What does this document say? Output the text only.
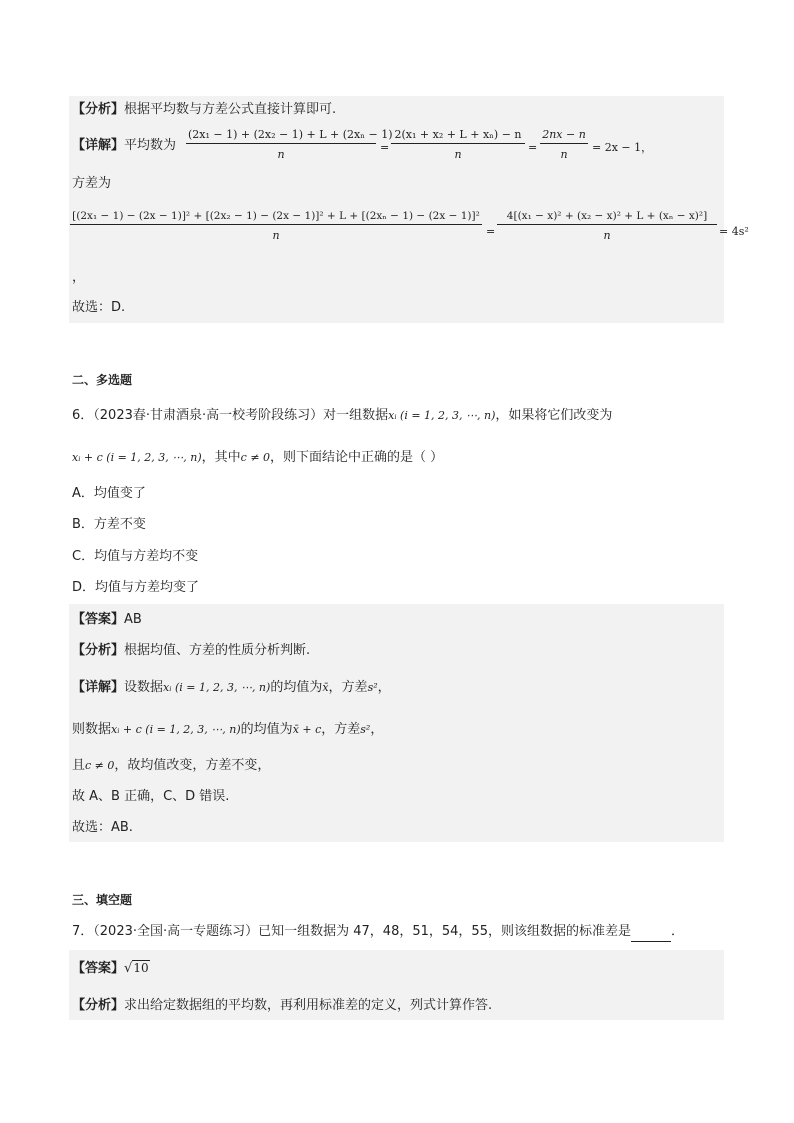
【分析】根据平均数与方差公式直接计算即可.
【详解】平均数为
(2x₁ − 1) + (2x₂ − 1) + L + (2xₙ − 1)
n
=
2(x₁ + x₂ + L + xₙ) − n
n
=
2nx − n
n
= 2x − 1，
方差为
[(2x₁ − 1) − (2x − 1)]² + [(2x₂ − 1) − (2x − 1)]² + L + [(2xₙ − 1) − (2x − 1)]²
n	=
4[(x₁ − x)² + (x₂ − x)² + L + (xₙ − x)²]
n	= 4s²
，
故选：D.
二、多选题
6．（2023春·甘肃酒泉·高一校考阶段练习）对一组数据xᵢ (i = 1, 2, 3, ⋯, n)，如果将它们改变为
xᵢ + c (i = 1, 2, 3, ⋯, n)，其中c ≠ 0，则下面结论中正确的是（ ）
A．均值变了
B．方差不变
C．均值与方差均不变
D．均值与方差均变了
【答案】AB
【分析】根据均值、方差的性质分析判断.
【详解】设数据xᵢ (i = 1, 2, 3, ⋯, n)的均值为x̄，方差s²，
则数据xᵢ + c (i = 1, 2, 3, ⋯, n)的均值为x̄ + c，方差s²，
且c ≠ 0，故均值改变，方差不变，
故 A、B 正确，C、D 错误.
故选：AB.
三、填空题
7．（2023·全国·高一专题练习）已知一组数据为 47，48，51，54，55，则该组数据的标准差是	．
【答案】√10
【分析】求出给定数据组的平均数，再利用标准差的定义，列式计算作答.
